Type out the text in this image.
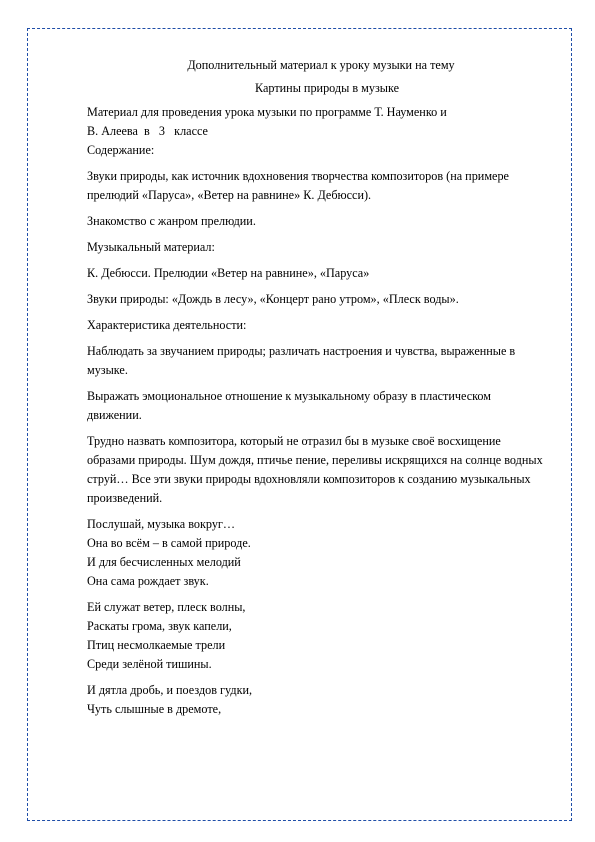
Дополнительный материал к уроку музыки на тему
Картины природы в музыке
Материал для проведения урока музыки по программе Т. Науменко и
В. Алеева  в   3   классе
Содержание:
Звуки природы, как источник вдохновения творчества композиторов (на примере прелюдий «Паруса», «Ветер на равнине» К. Дебюсси).
Знакомство с жанром прелюдии.
Музыкальный материал:
К. Дебюсси. Прелюдии «Ветер на равнине», «Паруса»
Звуки природы: «Дождь в лесу», «Концерт рано утром», «Плеск воды».
Характеристика деятельности:
Наблюдать за звучанием природы; различать настроения и чувства, выраженные в музыке.
Выражать эмоциональное отношение к музыкальному образу в пластическом движении.
Трудно назвать композитора, который не отразил бы в музыке своё восхищение образами природы. Шум дождя, птичье пение, переливы искрящихся на солнце водных струй… Все эти звуки природы вдохновляли композиторов к созданию музыкальных произведений.
Послушай, музыка вокруг…
Она во всём – в самой природе.
И для бесчисленных мелодий
Она сама рождает звук.
Ей служат ветер, плеск волны,
Раскаты грома, звук капели,
Птиц несмолкаемые трели
Среди зелёной тишины.
И дятла дробь, и поездов гудки,
Чуть слышные в дремоте,
